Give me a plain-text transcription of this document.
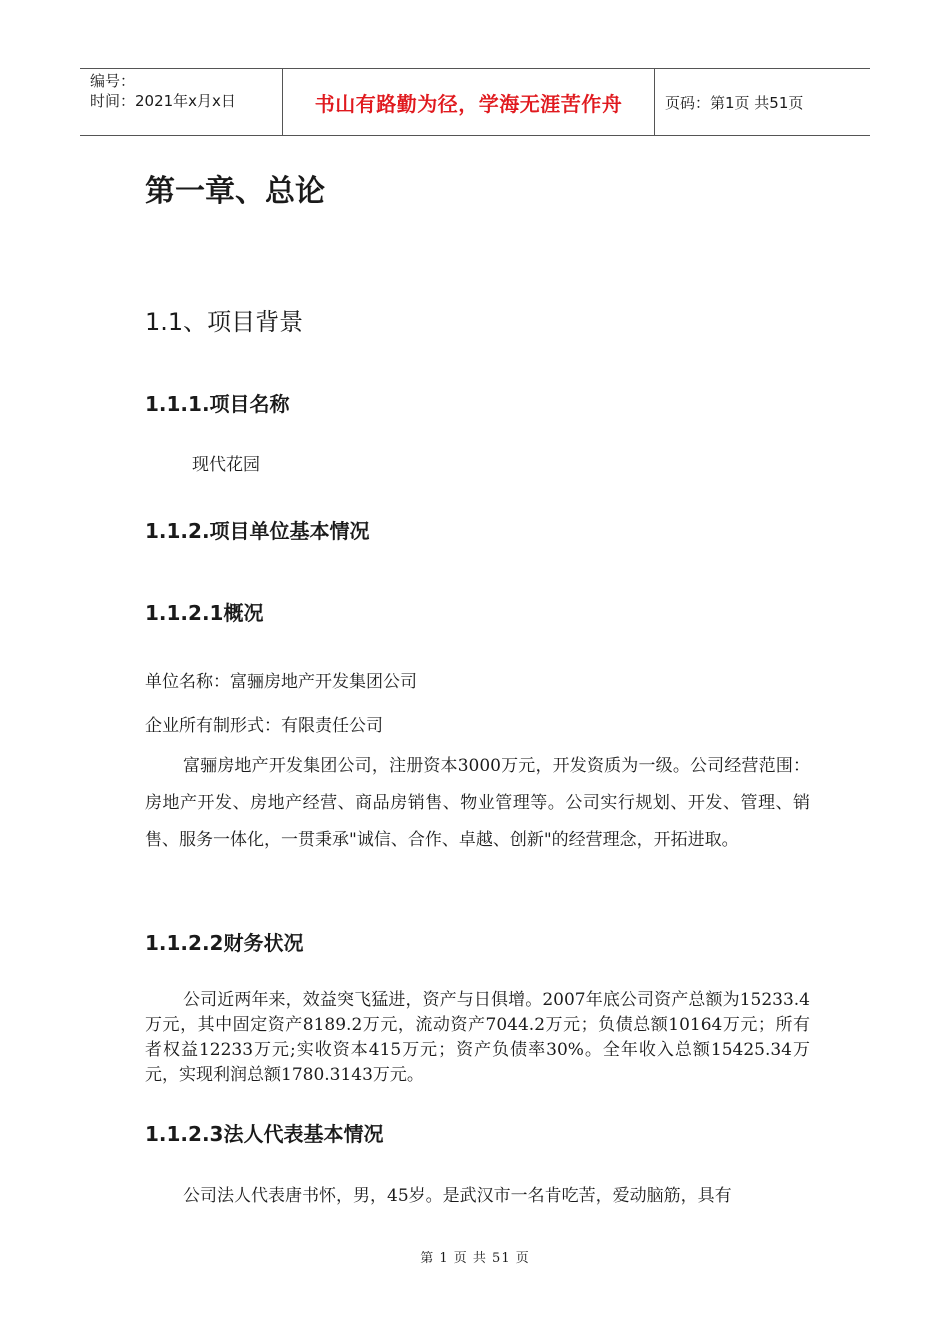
编号：
时间：2021年x月x日	书山有路勤为径，学海无涯苦作舟	页码：第1页 共51页
第一章、总论
1.1、项目背景
1.1.1.项目名称
现代花园
1.1.2.项目单位基本情况
1.1.2.1概况
单位名称：富骊房地产开发集团公司
企业所有制形式：有限责任公司

富骊房地产开发集团公司，注册资本3000万元，开发资质为一级。公司经营范围：房地产开发、房地产经营、商品房销售、物业管理等。公司实行规划、开发、管理、销售、服务一体化，一贯秉承"诚信、合作、卓越、创新"的经营理念，开拓进取。

1.1.2.2财务状况

公司近两年来，效益突飞猛进，资产与日俱增。2007年底公司资产总额为15233.4万元，其中固定资产8189.2万元，流动资产7044.2万元；负债总额10164万元；所有者权益12233万元;实收资本415万元；资产负债率30%。全年收入总额15425.34万元，实现利润总额1780.3143万元。

1.1.2.3法人代表基本情况

公司法人代表唐书怀，男，45岁。是武汉市一名肯吃苦，爱动脑筋，具有

第 1 页 共 51 页
